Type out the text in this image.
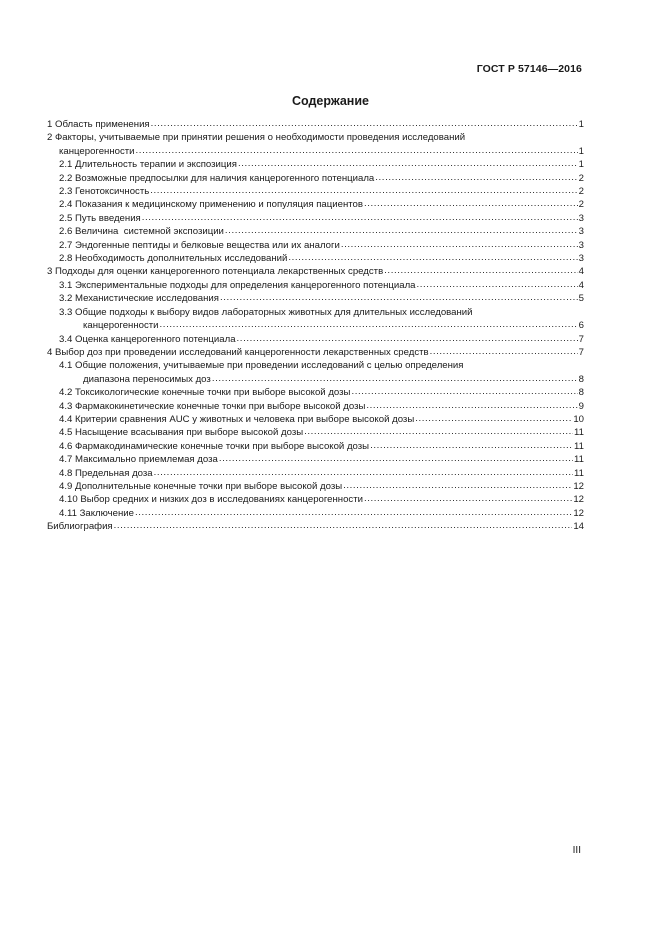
ГОСТ Р 57146—2016
Содержание
1 Область применения .....	1
2 Факторы, учитываемые при принятии решения о необходимости проведения исследований
канцерогенности .....	1
2.1 Длительность терапии и экспозиция .....	1
2.2 Возможные предпосылки для наличия канцерогенного потенциала .....	2
2.3 Генотоксичность .....	2
2.4 Показания к медицинскому применению и популяция пациентов .....	2
2.5 Путь введения .....	3
2.6 Величина  системной экспозиции .....	3
2.7 Эндогенные пептиды и белковые вещества или их аналоги .....	3
2.8 Необходимость дополнительных исследований .....	3
3 Подходы для оценки канцерогенного потенциала лекарственных средств .....	4
3.1 Экспериментальные подходы для определения канцерогенного потенциала .....	4
3.2 Механистические исследования .....	5
3.3 Общие подходы к выбору видов лабораторных животных для длительных исследований
канцерогенности .....	6
3.4 Оценка канцерогенного потенциала .....	7
4 Выбор доз при проведении исследований канцерогенности лекарственных средств .....	7
4.1 Общие положения, учитываемые при проведении исследований с целью определения
диапазона переносимых доз .....	8
4.2 Токсикологические конечные точки при выборе высокой дозы .....	8
4.3 Фармакокинетические конечные точки при выборе высокой дозы .....	9
4.4 Критерии сравнения AUC у животных и человека при выборе высокой дозы .....	10
4.5 Насыщение всасывания при выборе высокой дозы .....	11
4.6 Фармакодинамические конечные точки при выборе высокой дозы .....	11
4.7 Максимально приемлемая доза .....	11
4.8 Предельная доза .....	11
4.9 Дополнительные конечные точки при выборе высокой дозы .....	12
4.10 Выбор средних и низких доз в исследованиях канцерогенности .....	12
4.11 Заключение .....	12
Библиография .....	14
III
